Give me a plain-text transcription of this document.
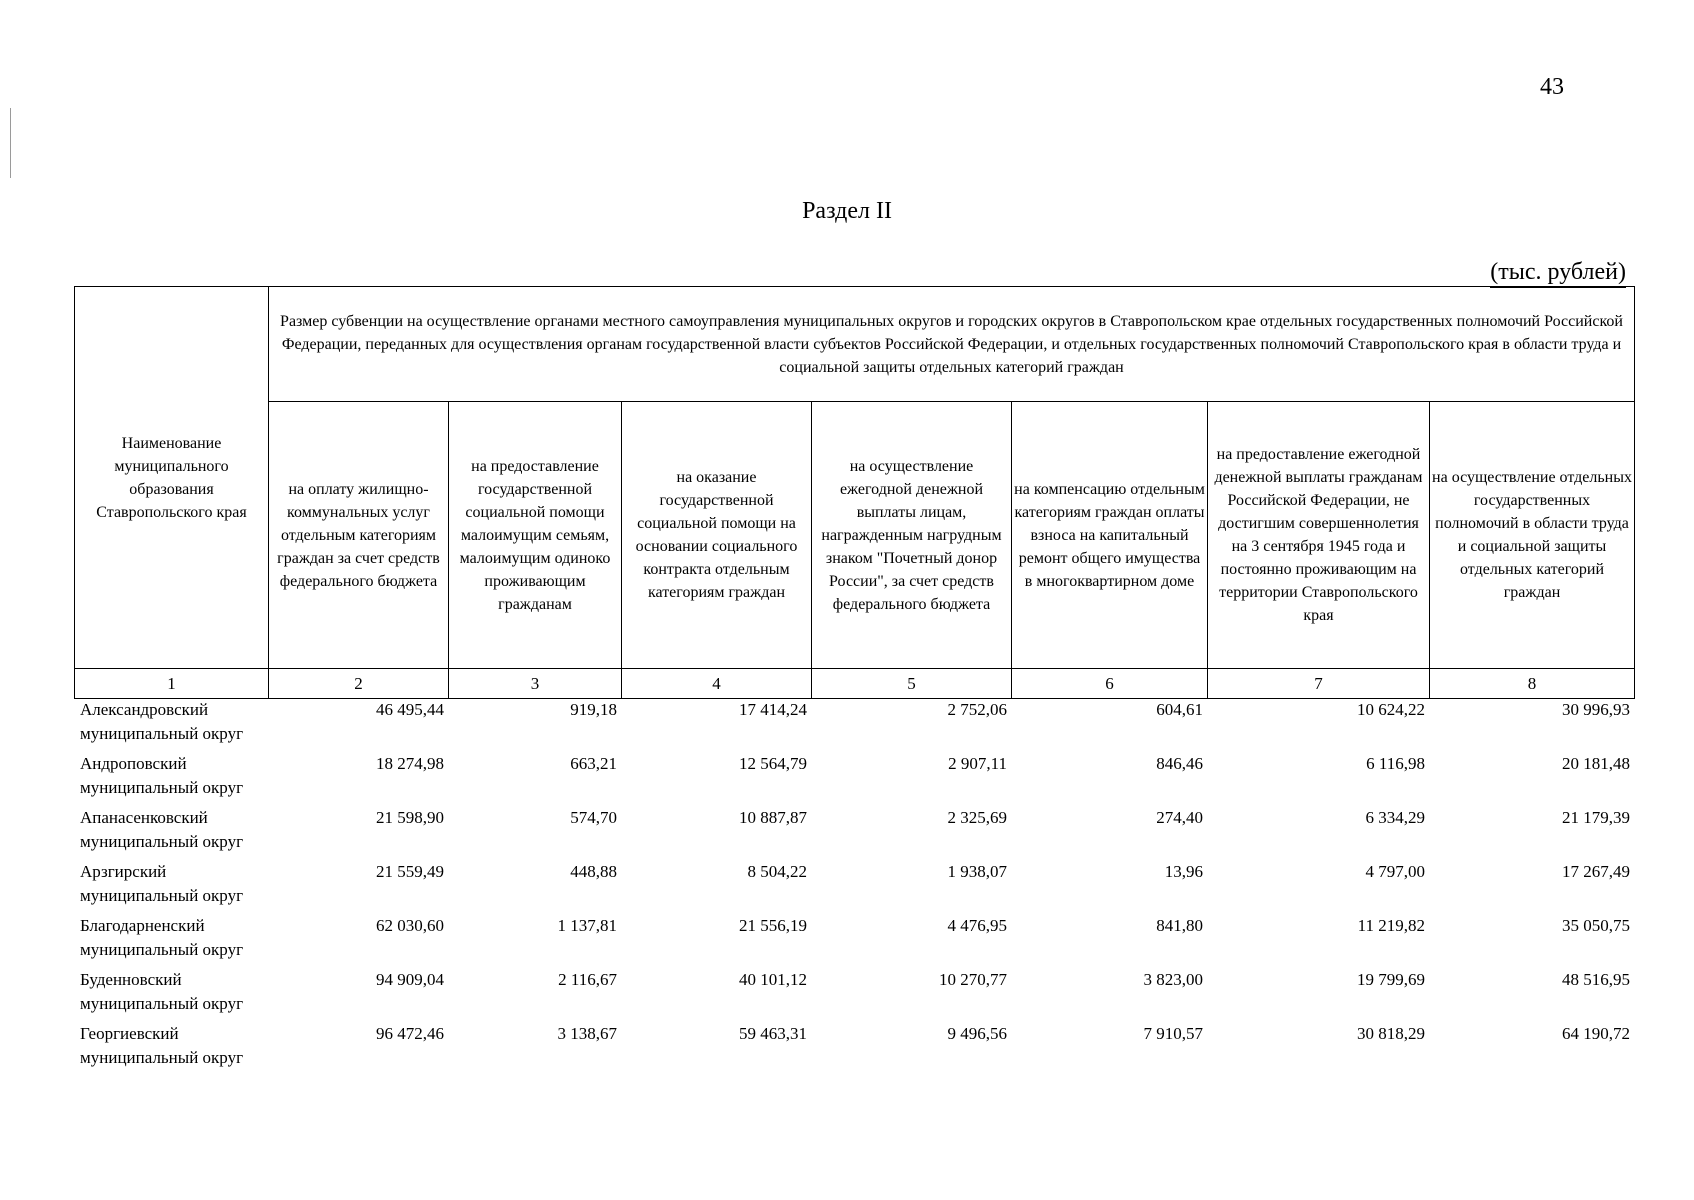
43
Раздел II
(тыс. рублей)
Наименование муниципального образования Ставропольского края	Размер субвенции на осуществление органами местного самоуправления муниципальных округов и городских округов в Ставропольском крае отдельных государственных полномочий Российской Федерации, переданных для осуществления органам государственной власти субъектов Российской Федерации, и отдельных государственных полномочий Ставропольского края в области труда и социальной защиты отдельных категорий граждан						
	на оплату жилищно-коммунальных услуг отдельным категориям граждан за счет средств федерального бюджета	на предоставление государственной социальной помощи малоимущим семьям, малоимущим одиноко проживающим гражданам	на оказание государственной социальной помощи на основании социального контракта отдельным категориям граждан	на осуществление ежегодной денежной выплаты лицам, награжденным нагрудным знаком "Почетный донор России", за счет средств федерального бюджета	на компенсацию отдельным категориям граждан оплаты взноса на капитальный ремонт общего имущества в многоквартирном доме	на предоставление ежегодной денежной выплаты гражданам Российской Федерации, не достигшим совершеннолетия на 3 сентября 1945 года и постоянно проживающим на территории Ставропольского края	на осуществление отдельных государственных полномочий в области труда и социальной защиты отдельных категорий граждан
1	2	3	4	5	6	7	8
Александровский муниципальный округ	46 495,44	919,18	17 414,24	2 752,06	604,61	10 624,22	30 996,93
Андроповский муниципальный округ	18 274,98	663,21	12 564,79	2 907,11	846,46	6 116,98	20 181,48
Апанасенковский муниципальный округ	21 598,90	574,70	10 887,87	2 325,69	274,40	6 334,29	21 179,39
Арзгирский муниципальный округ	21 559,49	448,88	8 504,22	1 938,07	13,96	4 797,00	17 267,49
Благодарненский муниципальный округ	62 030,60	1 137,81	21 556,19	4 476,95	841,80	11 219,82	35 050,75
Буденновский муниципальный округ	94 909,04	2 116,67	40 101,12	10 270,77	3 823,00	19 799,69	48 516,95
Георгиевский муниципальный округ	96 472,46	3 138,67	59 463,31	9 496,56	7 910,57	30 818,29	64 190,72
